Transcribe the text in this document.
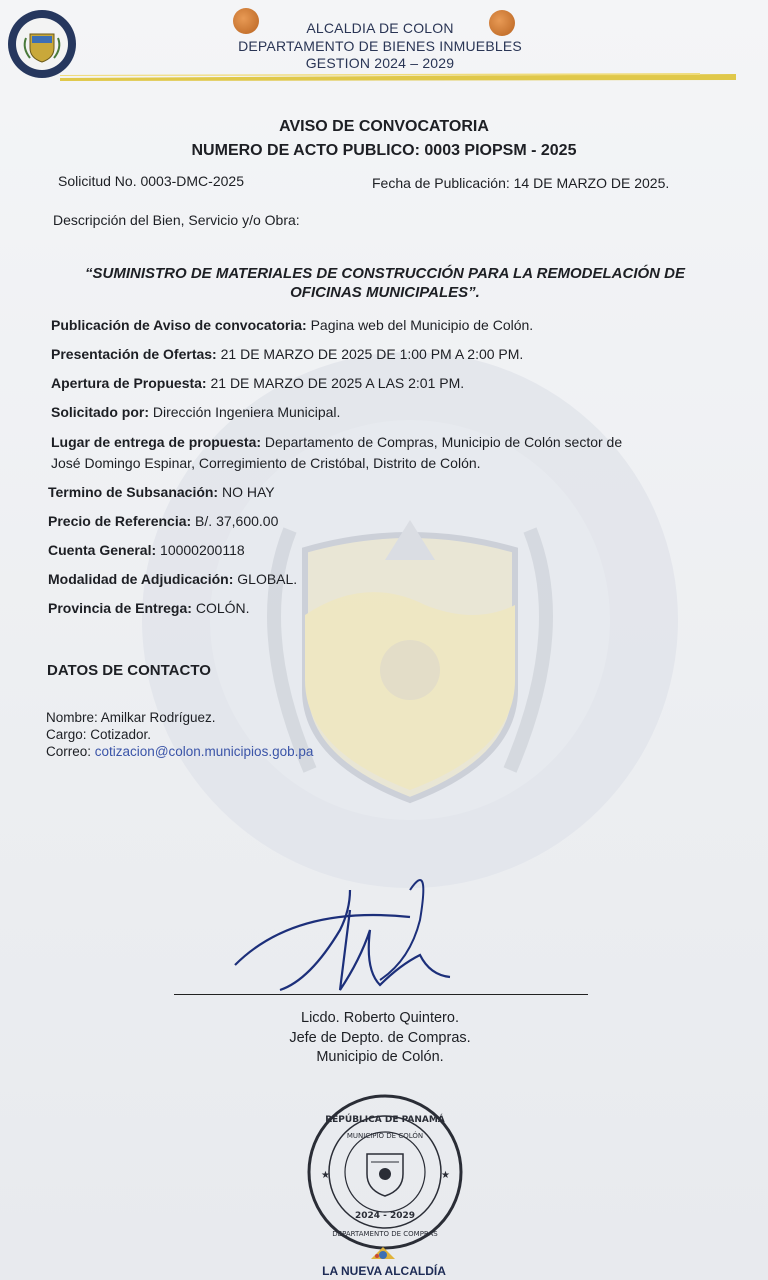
ALCALDIA DE COLON
DEPARTAMENTO DE BIENES INMUEBLES
GESTION 2024 – 2029
AVISO DE CONVOCATORIA
NUMERO DE ACTO PUBLICO: 0003 PIOPSM - 2025
Solicitud No. 0003-DMC-2025	Fecha de Publicación: 14 DE MARZO DE 2025.
Descripción del Bien, Servicio y/o Obra:
“SUMINISTRO DE MATERIALES DE CONSTRUCCIÓN PARA LA REMODELACIÓN DE
OFICINAS MUNICIPALES”.
Publicación de Aviso de convocatoria: Pagina web del Municipio de Colón.
Presentación de Ofertas: 21 DE MARZO DE 2025 DE 1:00 PM A 2:00 PM.
Apertura de Propuesta: 21 DE MARZO DE 2025 A LAS 2:01 PM.
Solicitado por: Dirección Ingeniera Municipal.
Lugar de entrega de propuesta: Departamento de Compras, Municipio de Colón sector de
José Domingo Espinar, Corregimiento de Cristóbal, Distrito de Colón.
Termino de Subsanación: NO HAY
Precio de Referencia: B/. 37,600.00
Cuenta General: 10000200118
Modalidad de Adjudicación: GLOBAL.
Provincia de Entrega: COLÓN.
DATOS DE CONTACTO
Nombre: Amilkar Rodríguez.
Cargo: Cotizador.
Correo: cotizacion@colon.municipios.gob.pa
Licdo. Roberto Quintero.
Jefe de Depto. de Compras.
Municipio de Colón.
REPÚBLICA DE PANAMÁ
MUNICIPIO DE COLÓN
2024 - 2029
DEPARTAMENTO DE COMPRAS
★	★
LA NUEVA ALCALDÍA
